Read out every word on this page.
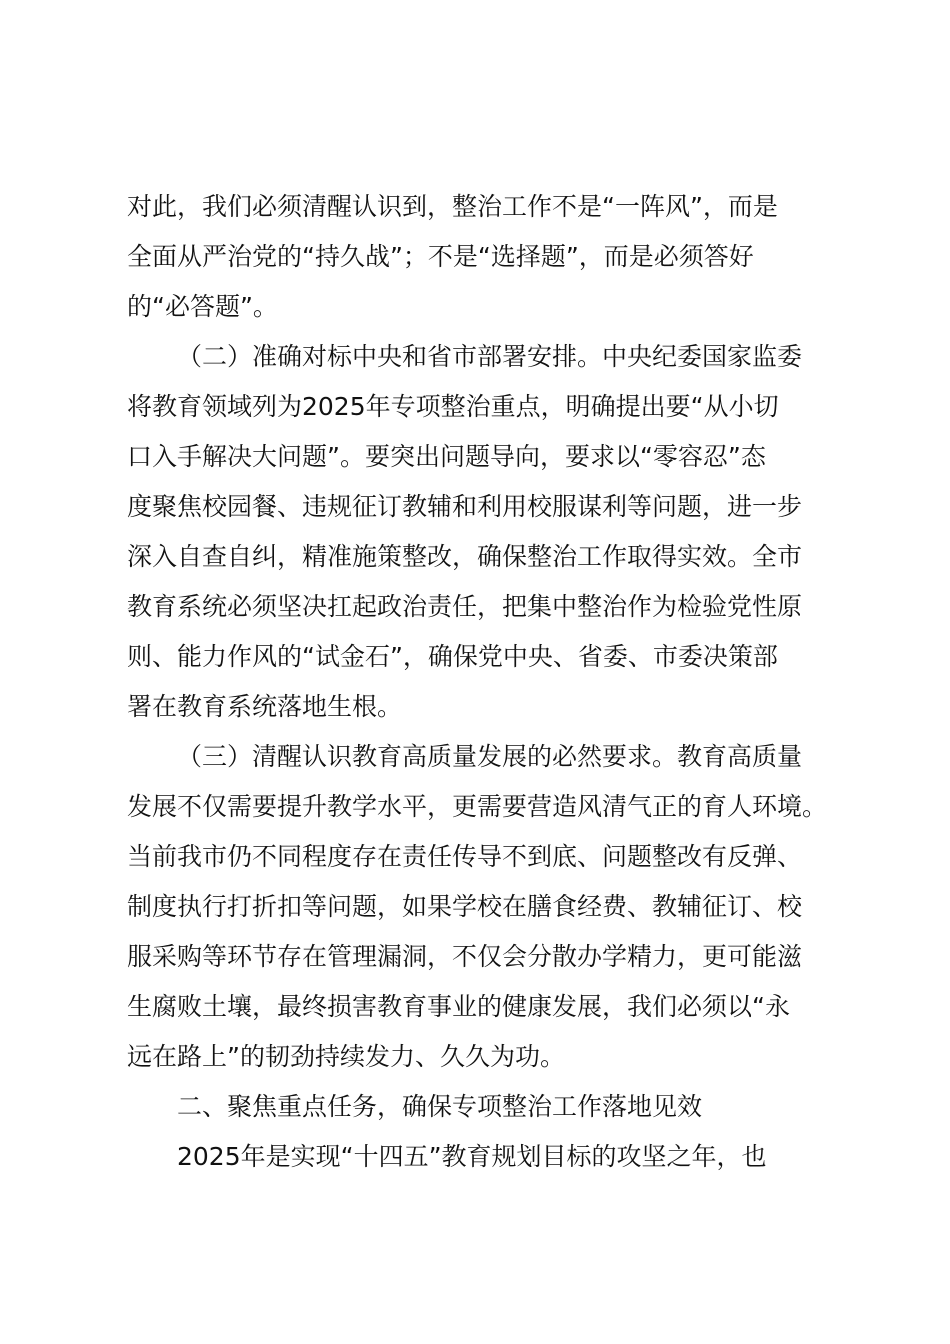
对此，我们必须清醒认识到，整治工作不是“一阵风”，而是
全面从严治党的“持久战”；不是“选择题”，而是必须答好
的“必答题”。
（二）准确对标中央和省市部署安排。中央纪委国家监委
将教育领域列为2025年专项整治重点，明确提出要“从小切
口入手解决大问题”。要突出问题导向，要求以“零容忍”态
度聚焦校园餐、违规征订教辅和利用校服谋利等问题，进一步
深入自查自纠，精准施策整改，确保整治工作取得实效。全市
教育系统必须坚决扛起政治责任，把集中整治作为检验党性原
则、能力作风的“试金石”，确保党中央、省委、市委决策部
署在教育系统落地生根。
（三）清醒认识教育高质量发展的必然要求。教育高质量
发展不仅需要提升教学水平，更需要营造风清气正的育人环境。
当前我市仍不同程度存在责任传导不到底、问题整改有反弹、
制度执行打折扣等问题，如果学校在膳食经费、教辅征订、校
服采购等环节存在管理漏洞，不仅会分散办学精力，更可能滋
生腐败土壤，最终损害教育事业的健康发展，我们必须以“永
远在路上”的韧劲持续发力、久久为功。
二、聚焦重点任务，确保专项整治工作落地见效
2025年是实现“十四五”教育规划目标的攻坚之年，也
